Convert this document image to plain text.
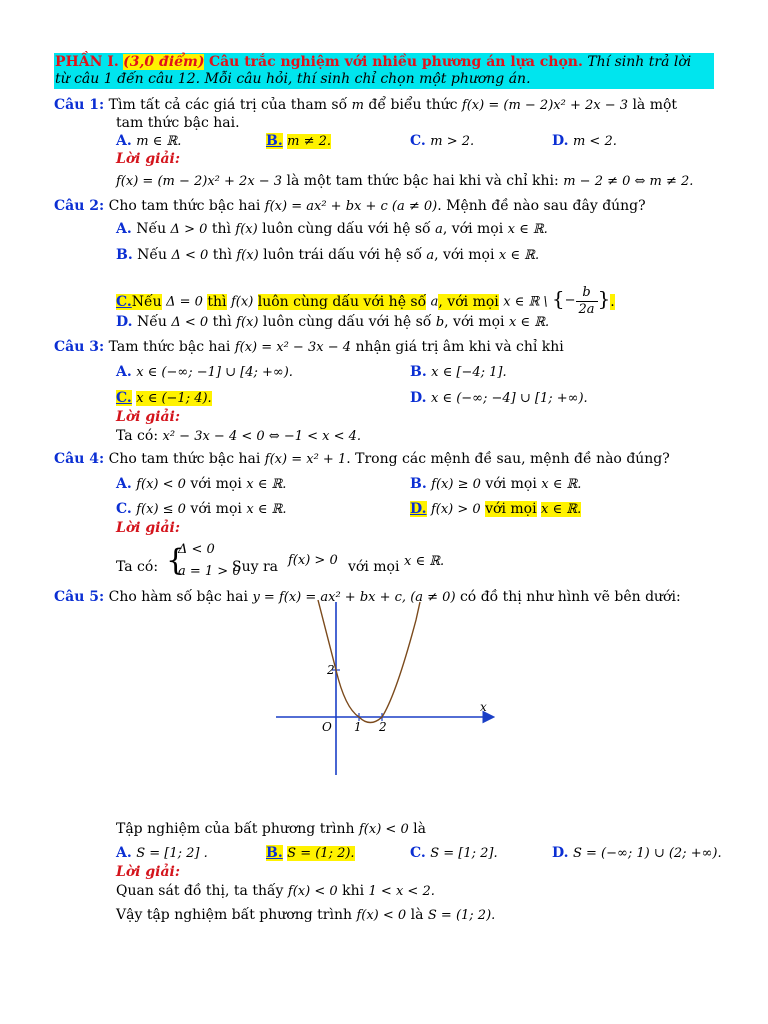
PHẦN I. (3,0 điểm) Câu trắc nghiệm với nhiều phương án lựa chọn. Thí sinh trả lời
từ câu 1 đến câu 12. Mỗi câu hỏi, thí sinh chỉ chọn một phương án.
Câu 1: Tìm tất cả các giá trị của tham số m để biểu thức f(x) = (m − 2)x² + 2x − 3 là một
tam thức bậc hai.
A. m ∈ ℝ.	B. m ≠ 2.	C. m > 2.	D. m < 2.
Lời giải:
f(x) = (m − 2)x² + 2x − 3 là một tam thức bậc hai khi và chỉ khi: m − 2 ≠ 0 ⇔ m ≠ 2.
Câu 2: Cho tam thức bậc hai f(x) = ax² + bx + c (a ≠ 0). Mệnh đề nào sau đây đúng?
A. Nếu Δ > 0 thì f(x) luôn cùng dấu với hệ số a, với mọi x ∈ ℝ.
B. Nếu Δ < 0 thì f(x) luôn trái dấu với hệ số a, với mọi x ∈ ℝ.
C.Nếu Δ = 0 thì f(x) luôn cùng dấu với hệ số a, với mọi x ∈ ℝ \ {− $\frac{b}{2a}$ }.
D. Nếu Δ < 0 thì f(x) luôn cùng dấu với hệ số b, với mọi x ∈ ℝ.
Câu 3: Tam thức bậc hai f(x) = x² − 3x − 4 nhận giá trị âm khi và chỉ khi
A. x ∈ (−∞; −1] ∪ [4; +∞).	B. x ∈ [−4; 1].
C. x ∈ (−1; 4).	D. x ∈ (−∞; −4] ∪ [1; +∞).
Lời giải:
Ta có: x² − 3x − 4 < 0 ⇔ −1 < x < 4.
Câu 4: Cho tam thức bậc hai f(x) = x² + 1. Trong các mệnh đề sau, mệnh đề nào đúng?
A. f(x) < 0 với mọi x ∈ ℝ.	B. f(x) ≥ 0 với mọi x ∈ ℝ.
C. f(x) ≤ 0 với mọi x ∈ ℝ.	D. f(x) > 0 với mọi x ∈ ℝ.
Lời giải:
Ta có: {
Δ < 0
a = 1 > 0
Suy ra f(x) > 0 với mọi x ∈ ℝ.
Câu 5: Cho hàm số bậc hai y = f(x) = ax² + bx + c, (a ≠ 0) có đồ thị như hình vẽ bên dưới:
x
O
2
1 2
Tập nghiệm của bất phương trình f(x) < 0 là
A. S = [1; 2] .	B. S = (1; 2).	C. S = [1; 2].	D. S = (−∞; 1) ∪ (2; +∞).
Lời giải:
Quan sát đồ thị, ta thấy f(x) < 0 khi 1 < x < 2.
Vậy tập nghiệm bất phương trình f(x) < 0 là S = (1; 2).
